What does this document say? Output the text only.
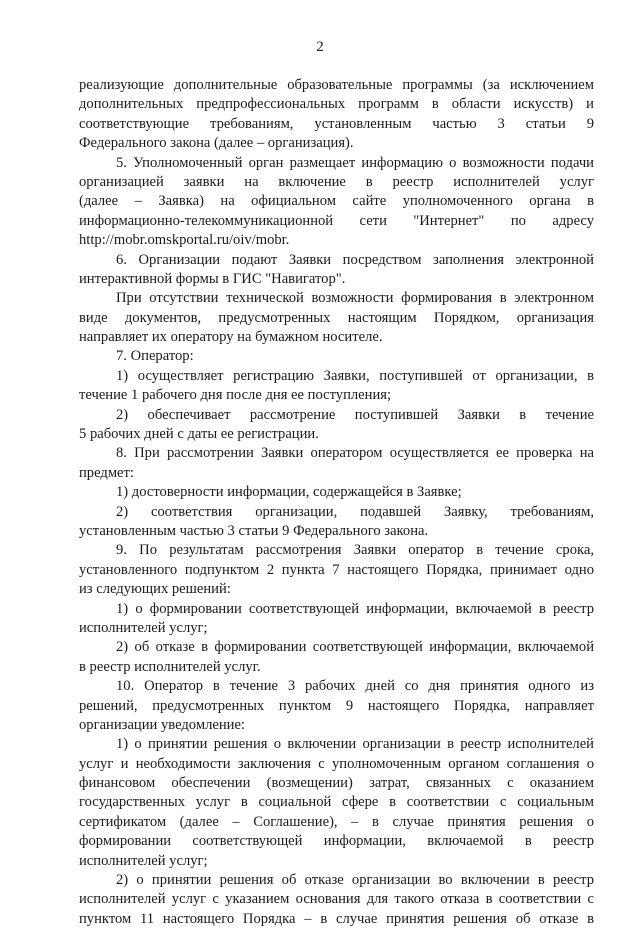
2
реализующие дополнительные образовательные программы (за исключением
дополнительных предпрофессиональных программ в области искусств) и
соответствующие требованиям, установленным частью 3 статьи 9
Федерального закона (далее – организация).
5. Уполномоченный орган размещает информацию о возможности подачи
организацией заявки на включение в реестр исполнителей услуг
(далее – Заявка) на официальном сайте уполномоченного органа в
информационно-телекоммуникационной сети "Интернет" по адресу
http://mobr.omskportal.ru/oiv/mobr.
6. Организации подают Заявки посредством заполнения электронной
интерактивной формы в ГИС "Навигатор".
При отсутствии технической возможности формирования в электронном
виде документов, предусмотренных настоящим Порядком, организация
направляет их оператору на бумажном носителе.
7. Оператор:
1) осуществляет регистрацию Заявки, поступившей от организации, в
течение 1 рабочего дня после дня ее поступления;
2) обеспечивает рассмотрение поступившей Заявки в течение
5 рабочих дней с даты ее регистрации.
8. При рассмотрении Заявки оператором осуществляется ее проверка на
предмет:
1) достоверности информации, содержащейся в Заявке;
2) соответствия организации, подавшей Заявку, требованиям,
установленным частью 3 статьи 9 Федерального закона.
9. По результатам рассмотрения Заявки оператор в течение срока,
установленного подпунктом 2 пункта 7 настоящего Порядка, принимает одно
из следующих решений:
1) о формировании соответствующей информации, включаемой в реестр
исполнителей услуг;
2) об отказе в формировании соответствующей информации, включаемой
в реестр исполнителей услуг.
10. Оператор в течение 3 рабочих дней со дня принятия одного из
решений, предусмотренных пунктом 9 настоящего Порядка, направляет
организации уведомление:
1) о принятии решения о включении организации в реестр исполнителей
услуг и необходимости заключения с уполномоченным органом соглашения о
финансовом обеспечении (возмещении) затрат, связанных с оказанием
государственных услуг в социальной сфере в соответствии с социальным
сертификатом (далее – Соглашение), – в случае принятия решения о
формировании соответствующей информации, включаемой в реестр
исполнителей услуг;
2) о принятии решения об отказе организации во включении в реестр
исполнителей услуг с указанием основания для такого отказа в соответствии с
пунктом 11 настоящего Порядка – в случае принятия решения об отказе в
